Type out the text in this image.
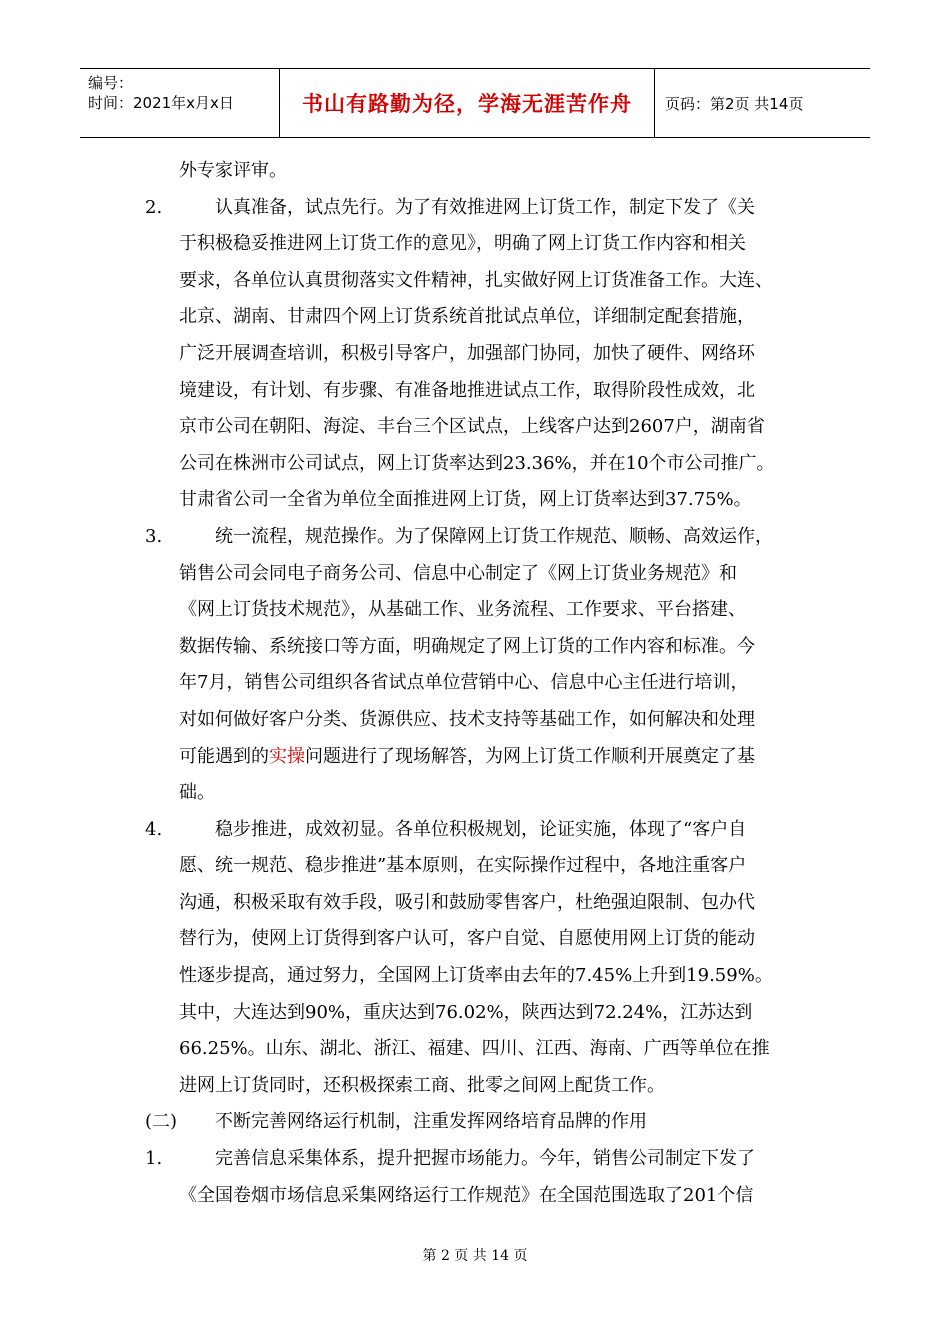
编号：
时间：2021年x月x日	书山有路勤为径，学海无涯苦作舟	页码：第2页 共14页
外专家评审。
2.	认真准备，试点先行。为了有效推进网上订货工作，制定下发了《关
于积极稳妥推进网上订货工作的意见》，明确了网上订货工作内容和相关
要求，各单位认真贯彻落实文件精神，扎实做好网上订货准备工作。大连、
北京、湖南、甘肃四个网上订货系统首批试点单位，详细制定配套措施，
广泛开展调查培训，积极引导客户，加强部门协同，加快了硬件、网络环
境建设，有计划、有步骤、有准备地推进试点工作，取得阶段性成效，北
京市公司在朝阳、海淀、丰台三个区试点，上线客户达到2607户，湖南省
公司在株洲市公司试点，网上订货率达到23.36%，并在10个市公司推广。
甘肃省公司一全省为单位全面推进网上订货，网上订货率达到37.75%。
3.	统一流程，规范操作。为了保障网上订货工作规范、顺畅、高效运作，
销售公司会同电子商务公司、信息中心制定了《网上订货业务规范》和
《网上订货技术规范》，从基础工作、业务流程、工作要求、平台搭建、
数据传输、系统接口等方面，明确规定了网上订货的工作内容和标准。今
年7月，销售公司组织各省试点单位营销中心、信息中心主任进行培训，
对如何做好客户分类、货源供应、技术支持等基础工作，如何解决和处理
可能遇到的实操问题进行了现场解答，为网上订货工作顺利开展奠定了基
础。
4.	稳步推进，成效初显。各单位积极规划，论证实施，体现了“客户自
愿、统一规范、稳步推进”基本原则，在实际操作过程中，各地注重客户
沟通，积极采取有效手段，吸引和鼓励零售客户，杜绝强迫限制、包办代
替行为，使网上订货得到客户认可，客户自觉、自愿使用网上订货的能动
性逐步提高，通过努力，全国网上订货率由去年的7.45%上升到19.59%。
其中，大连达到90%，重庆达到76.02%，陕西达到72.24%，江苏达到
66.25%。山东、湖北、浙江、福建、四川、江西、海南、广西等单位在推
进网上订货同时，还积极探索工商、批零之间网上配货工作。
(二) 不断完善网络运行机制，注重发挥网络培育品牌的作用
1.	完善信息采集体系，提升把握市场能力。今年，销售公司制定下发了
《全国卷烟市场信息采集网络运行工作规范》在全国范围选取了201个信
第 2 页 共 14 页
